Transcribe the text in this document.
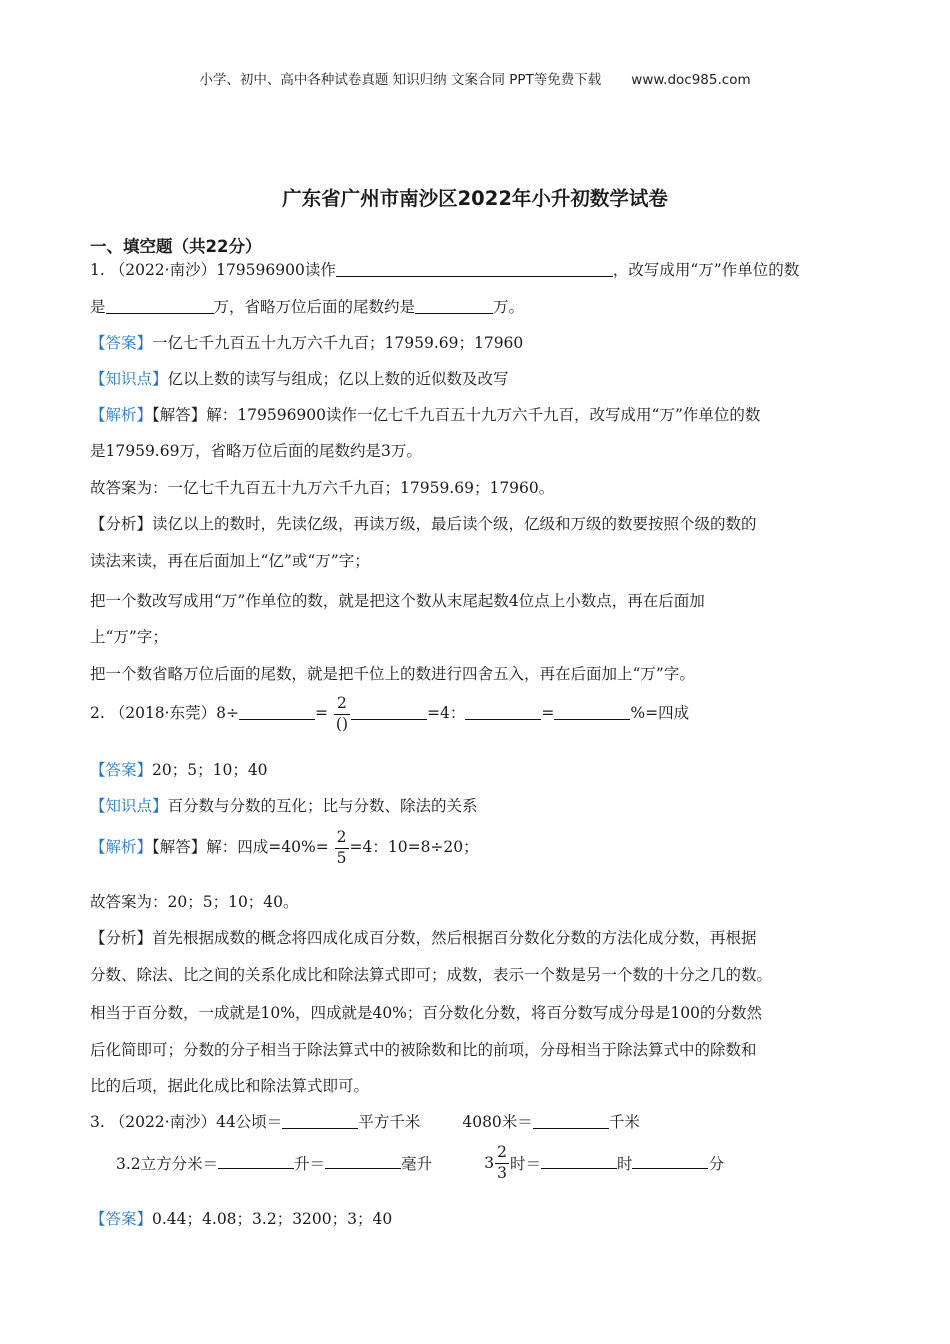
小学、初中、高中各种试卷真题 知识归纳 文案合同 PPT等免费下载 www.doc985.com
广东省广州市南沙区2022年小升初数学试卷
一、填空题（共22分）
1. （2022·南沙）179596900读作	，改写成用“万”作单位的数
是	万，省略万位后面的尾数约是	万。
【答案】一亿七千九百五十九万六千九百；17959.69；17960
【知识点】亿以上数的读写与组成；亿以上数的近似数及改写
【解析】【解答】解：179596900读作一亿七千九百五十九万六千九百，改写成用“万”作单位的数
是17959.69万，省略万位后面的尾数约是3万。
故答案为：一亿七千九百五十九万六千九百；17959.69；17960。
【分析】读亿以上的数时，先读亿级，再读万级，最后读个级，亿级和万级的数要按照个级的数的
读法来读，再在后面加上“亿”或“万”字；
把一个数改写成用“万”作单位的数，就是把这个数从末尾起数4位点上小数点，再在后面加
上“万”字；
把一个数省略万位后面的尾数，就是把千位上的数进行四舍五入，再在后面加上“万”字。
2. （2018·东莞）8÷	= $\frac{2}{()}$	=4：	=	%=四成
【答案】20；5；10；40
【知识点】百分数与分数的互化；比与分数、除法的关系
【解析】【解答】解：四成$=40\%= \frac{2}{5} =4$：10=8÷20；
故答案为：20；5；10；40。
【分析】首先根据成数的概念将四成化成百分数，然后根据百分数化分数的方法化成分数，再根据
分数、除法、比之间的关系化成比和除法算式即可；成数，表示一个数是另一个数的十分之几的数。
相当于百分数，一成就是10%，四成就是40%；百分数化分数，将百分数写成分母是100的分数然
后化简即可；分数的分子相当于除法算式中的被除数和比的前项，分母相当于除法算式中的除数和
比的后项，据此化成比和除法算式即可。
3. （2022·南沙）44公顷＝	平方千米	4080米＝	千米
3.2立方分米＝	升＝	毫升	$3 \frac{2}{3}$ 时＝	时	分
【答案】0.44；4.08；3.2；3200；3；40
